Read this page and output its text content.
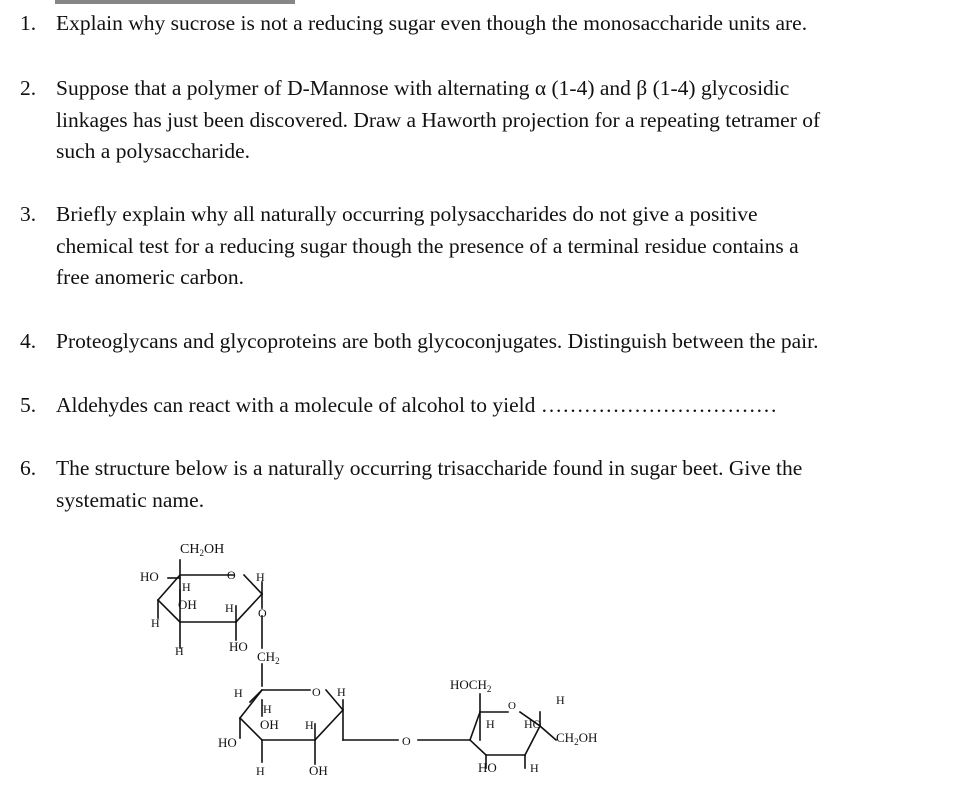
1. Explain why sucrose is not a reducing sugar even though the monosaccharide units are.
2. Suppose that a polymer of D-Mannose with alternating α (1-4) and β (1-4) glycosidic
linkages has just been discovered. Draw a Haworth projection for a repeating tetramer of
such a polysaccharide.
3. Briefly explain why all naturally occurring polysaccharides do not give a positive
chemical test for a reducing sugar though the presence of a terminal residue contains a
free anomeric carbon.
4. Proteoglycans and glycoproteins are both glycoconjugates. Distinguish between the pair.
5. Aldehydes can react with a molecule of alcohol to yield ……………………………
6. The structure below is a naturally occurring trisaccharide found in sugar beet. Give the
systematic name.
$CH_2OH$
HO	O H
H
OH H
H
H	HO
O
$CH_2$
H	O H
H
OH H
HO
H	OH
O
$HOCH_2$
O	H
H HO
$CH_2OH$
HO	H
